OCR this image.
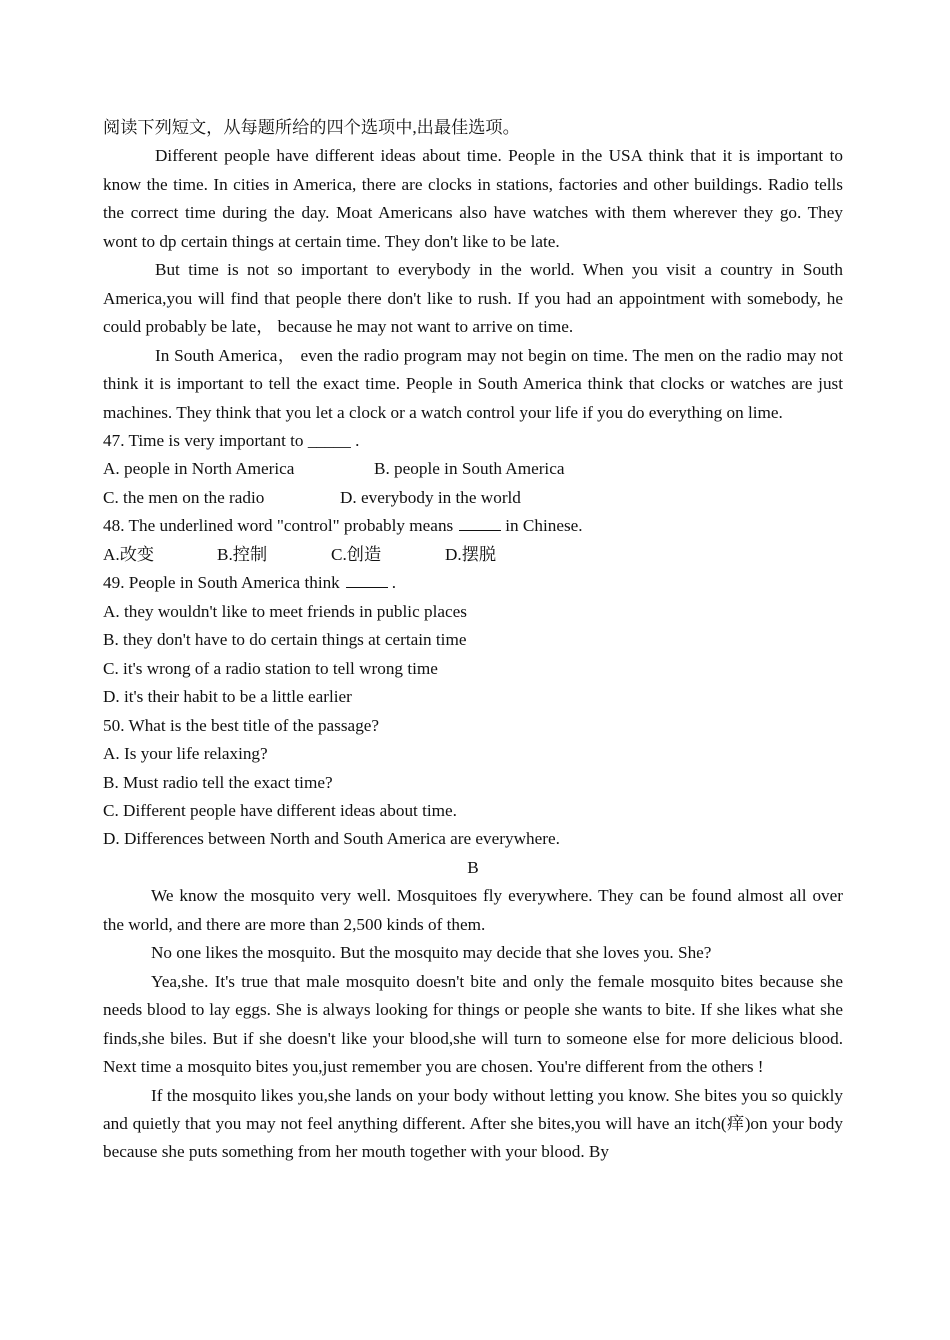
阅读下列短文，从每题所给的四个选项中,出最佳选项。
Different people have different ideas about time. People in the USA think that it is important to know the time. In cities in America, there are clocks in stations, factories and other buildings. Radio tells the correct time during the day. Moat Americans also have watches with them wherever they go. They wont to dp certain things at certain time. They don't like to be late.
But time is not so important to everybody in the world. When you visit a country in South America,you will find that people there don't like to rush. If you had an appointment with somebody, he could probably be late， because he may not want to arrive on time.
In South America， even the radio program may not begin on time. The men on the radio may not think it is important to tell the exact time. People in South America think that clocks or watches are just machines. They think that you let a clock or a watch control your life if you do everything on lime.
47. Time is very important to _____ .
A. people in North America	B. people in South America
C. the men on the radio	D. everybody in the world
48. The underlined word "control" probably means	in Chinese.
A.改变	B.控制	C.创造	D.摆脱
49. People in South America think	.
A. they wouldn't like to meet friends in public places
B. they don't have to do certain things at certain time
C. it's wrong of a radio station to tell wrong time
D. it's their habit to be a little earlier
50. What is the best title of the passage?
A. Is your life relaxing?
B. Must radio tell the exact time?
C. Different people have different ideas about time.
D. Differences between North and South America are everywhere.
B
We know the mosquito very well. Mosquitoes fly everywhere. They can be found almost all over the world, and there are more than 2,500 kinds of them.
No one likes the mosquito. But the mosquito may decide that she loves you. She?
Yea,she. It's true that male mosquito doesn't bite and only the female mosquito bites because she needs blood to lay eggs. She is always looking for things or people she wants to bite. If she likes what she finds,she biles. But if she doesn't like your blood,she will turn to someone else for more delicious blood. Next time a mosquito bites you,just remember you are chosen. You're different from the others !
If the mosquito likes you,she lands on your body without letting you know. She bites you so quickly and quietly that you may not feel anything different. After she bites,you will have an itch(痒)on your body because she puts something from her mouth together with your blood. By
